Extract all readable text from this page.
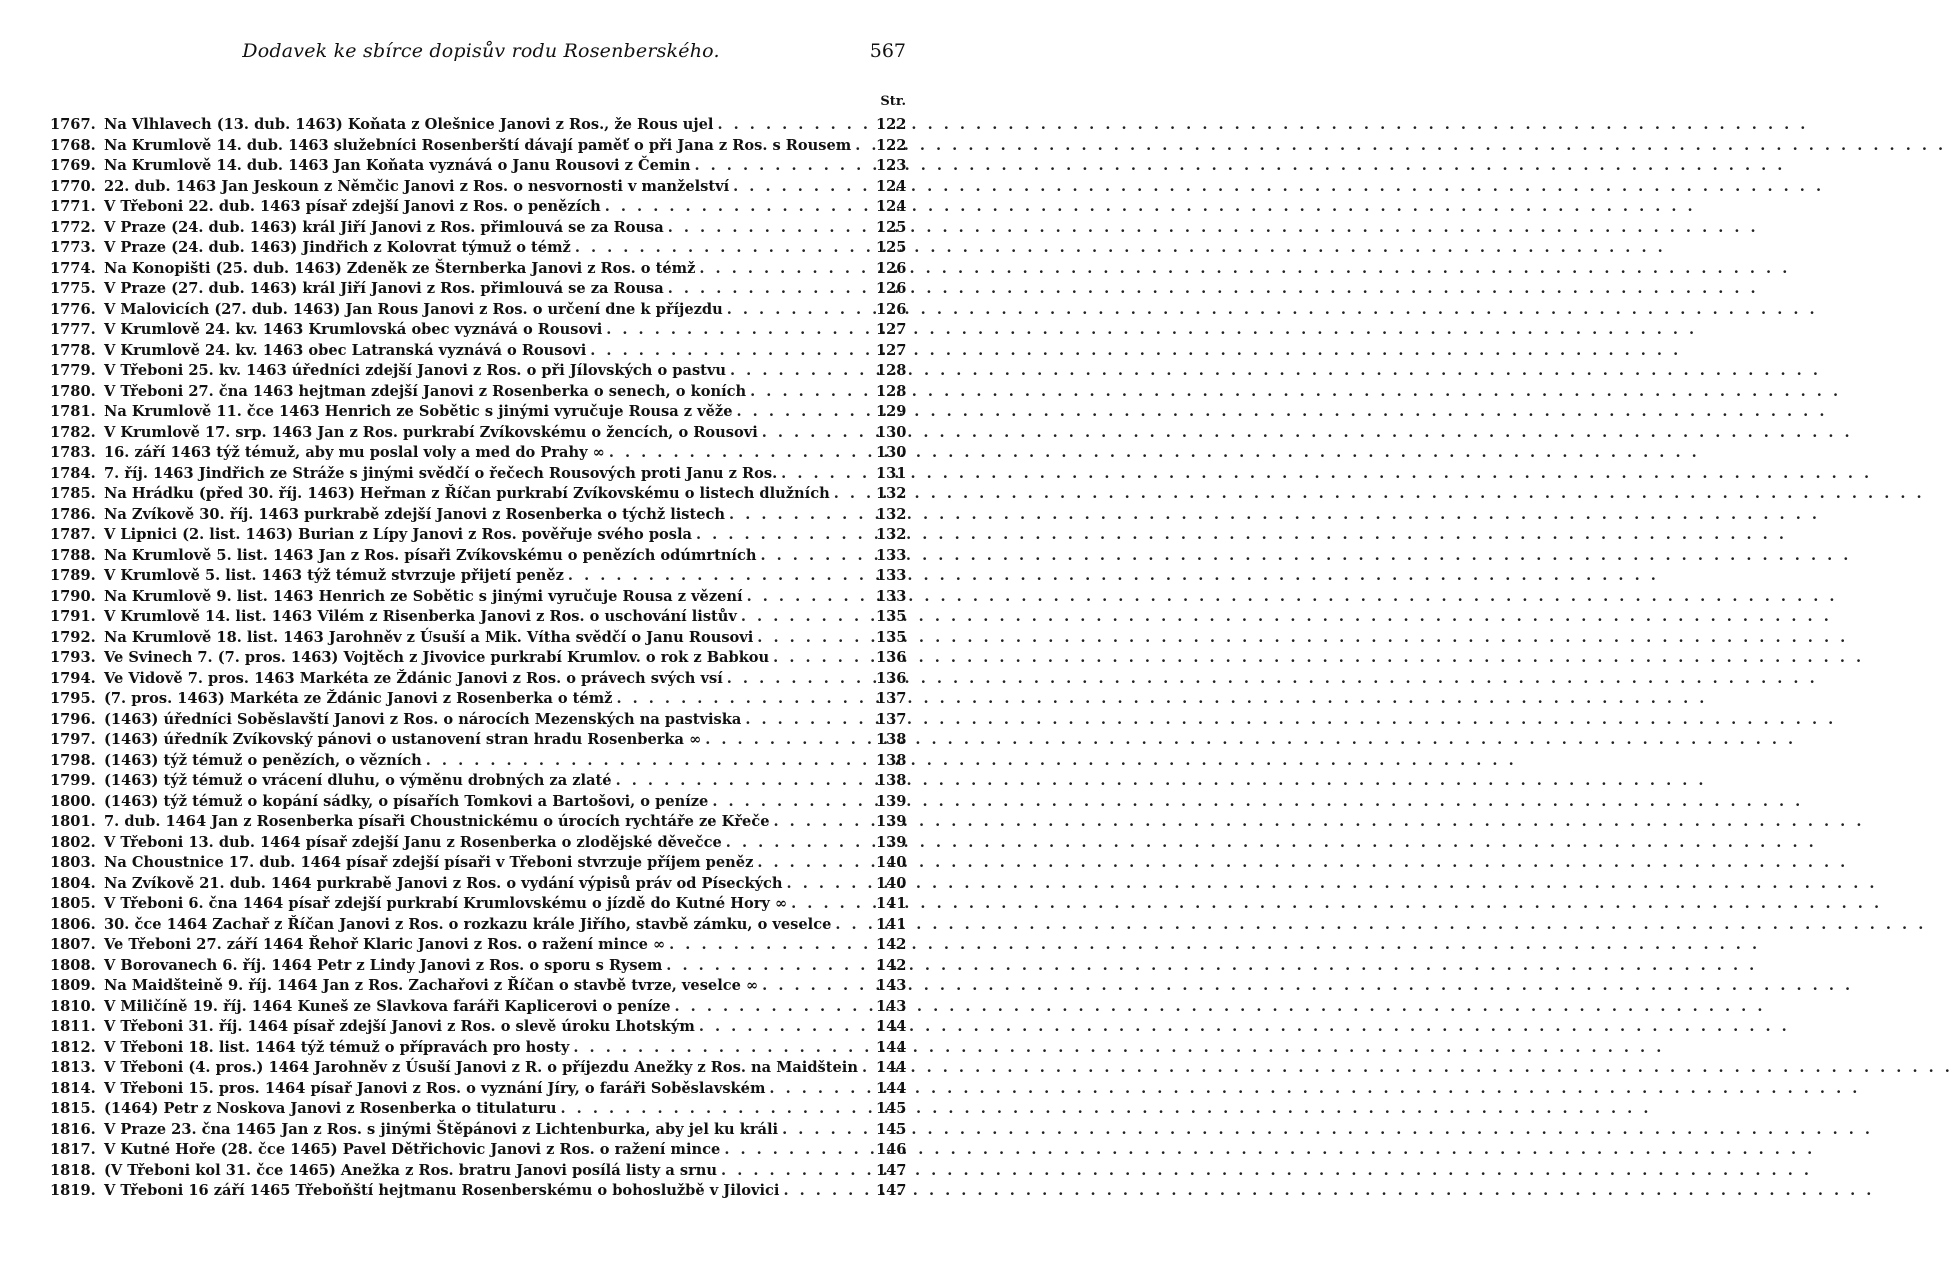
Dodavek ke sbírce dopisův rodu Rosenberského.	567
Str.
1767. Na Vlhlavech (13. dub. 1463) Koňata z Olešnice Janovi z Ros., že Rous ujel . . .	122
1768. Na Krumlově 14. dub. 1463 služebníci Rosenberští dávají paměť o při Jana z Ros. s Rousem . . . 122
1769. Na Krumlově 14. dub. 1463 Jan Koňata vyznává o Janu Rousovi z Čemin . . .	123
1770. 22. dub. 1463 Jan Jeskoun z Němčic Janovi z Ros. o nesvornosti v manželství . . .	124
1771. V Třeboni 22. dub. 1463 písař zdejší Janovi z Ros. o penězích . . .	124
1772. V Praze (24. dub. 1463) král Jiří Janovi z Ros. přimlouvá se za Rousa . . .	125
1773. V Praze (24. dub. 1463) Jindřich z Kolovrat týmuž o témž . . .	125
1774. Na Konopišti (25. dub. 1463) Zdeněk ze Šternberka Janovi z Ros. o témž . . .	126
1775. V Praze (27. dub. 1463) král Jiří Janovi z Ros. přimlouvá se za Rousa . . .	126
1776. V Malovicích (27. dub. 1463) Jan Rous Janovi z Ros. o určení dne k příjezdu . . .	126
1777. V Krumlově 24. kv. 1463 Krumlovská obec vyznává o Rousovi . . .	127
1778. V Krumlově 24. kv. 1463 obec Latranská vyznává o Rousovi . . .	127
1779. V Třeboni 25. kv. 1463 úředníci zdejší Janovi z Ros. o při Jílovských o pastvu . . .	128
1780. V Třeboni 27. čna 1463 hejtman zdejší Janovi z Rosenberka o senech, o koních . . .	128
1781. Na Krumlově 11. čce 1463 Henrich ze Sobětic s jinými vyručuje Rousa z věže . . .	129
1782. V Krumlově 17. srp. 1463 Jan z Ros. purkrabí Zvíkovskému o žencích, o Rousovi . . .	130
1783. 16. září 1463 týž témuž, aby mu poslal voly a med do Prahy ∞ . . .	130
1784. 7. říj. 1463 Jindřich ze Stráže s jinými svědčí o řečech Rousových proti Janu z Ros. . . .	131
1785. Na Hrádku (před 30. říj. 1463) Heřman z Říčan purkrabí Zvíkovskému o listech dlužních . . .	132
1786. Na Zvíkově 30. říj. 1463 purkrabě zdejší Janovi z Rosenberka o týchž listech . . .	132
1787. V Lipnici (2. list. 1463) Burian z Lípy Janovi z Ros. pověřuje svého posla . . .	132
1788. Na Krumlově 5. list. 1463 Jan z Ros. písaři Zvíkovskému o penězích odúmrtních . . .	133
1789. V Krumlově 5. list. 1463 týž témuž stvrzuje přijetí peněz . . .	133
1790. Na Krumlově 9. list. 1463 Henrich ze Sobětic s jinými vyručuje Rousa z vězení . . .	133
1791. V Krumlově 14. list. 1463 Vilém z Risenberka Janovi z Ros. o uschování listův . . .	135
1792. Na Krumlově 18. list. 1463 Jarohněv z Úsuší a Mik. Vítha svědčí o Janu Rousovi . . .	135
1793. Ve Svinech 7. (7. pros. 1463) Vojtěch z Jivovice purkrabí Krumlov. o rok z Babkou . . .	136
1794. Ve Vidově 7. pros. 1463 Markéta ze Ždánic Janovi z Ros. o právech svých vsí . . .	136
1795. (7. pros. 1463) Markéta ze Ždánic Janovi z Rosenberka o témž . . .	137
1796. (1463) úředníci Soběslavští Janovi z Ros. o nárocích Mezenských na pastviska . . .	137
1797. (1463) úředník Zvíkovský pánovi o ustanovení stran hradu Rosenberka ∞ . . .	138
1798. (1463) týž témuž o penězích, o vězních . . .	138
1799. (1463) týž témuž o vrácení dluhu, o výměnu drobných za zlaté . . .	138
1800. (1463) týž témuž o kopání sádky, o písařích Tomkovi a Bartošovi, o peníze . . .	139
1801. 7. dub. 1464 Jan z Rosenberka písaři Choustnickému o úrocích rychtáře ze Křeče . . .	139
1802. V Třeboni 13. dub. 1464 písař zdejší Janu z Rosenberka o zlodějské děvečce . . .	139
1803. Na Choustnice 17. dub. 1464 písař zdejší písaři v Třeboni stvrzuje příjem peněz . . .	140
1804. Na Zvíkově 21. dub. 1464 purkrabě Janovi z Ros. o vydání výpisů práv od Píseckých . . .	140
1805. V Třeboni 6. čna 1464 písař zdejší purkrabí Krumlovskému o jízdě do Kutné Hory ∞ . . .	141
1806. 30. čce 1464 Zachař z Říčan Janovi z Ros. o rozkazu krále Jiřího, stavbě zámku, o veselce . . .	141
1807. Ve Třeboni 27. září 1464 Řehoř Klaric Janovi z Ros. o ražení mince ∞ . . .	142
1808. V Borovanech 6. říj. 1464 Petr z Lindy Janovi z Ros. o sporu s Rysem . . .	142
1809. Na Maidšteině 9. říj. 1464 Jan z Ros. Zachařovi z Říčan o stavbě tvrze, veselce ∞ . . .	143
1810. V Miličíně 19. říj. 1464 Kuneš ze Slavkova faráři Kaplicerovi o peníze . . .	143
1811. V Třeboni 31. říj. 1464 písař zdejší Janovi z Ros. o slevě úroku Lhotským . . .	144
1812. V Třeboni 18. list. 1464 týž témuž o přípravách pro hosty . . .	144
1813. V Třeboni (4. pros.) 1464 Jarohněv z Úsuší Janovi z R. o příjezdu Anežky z Ros. na Maidštein . . . 144
1814. V Třeboni 15. pros. 1464 písař Janovi z Ros. o vyznání Jíry, o faráři Soběslavském . . .	144
1815. (1464) Petr z Noskova Janovi z Rosenberka o titulaturu . . .	145
1816. V Praze 23. čna 1465 Jan z Ros. s jinými Štěpánovi z Lichtenburka, aby jel ku králi . . .	145
1817. V Kutné Hoře (28. čce 1465) Pavel Dětřichovic Janovi z Ros. o ražení mince . . .	146
1818. (V Třeboni kol 31. čce 1465) Anežka z Ros. bratru Janovi posílá listy a srnu . . .	147
1819. V Třeboni 16 září 1465 Třeboňští hejtmanu Rosenberskému o bohoslužbě v Jilovici . . .	147
